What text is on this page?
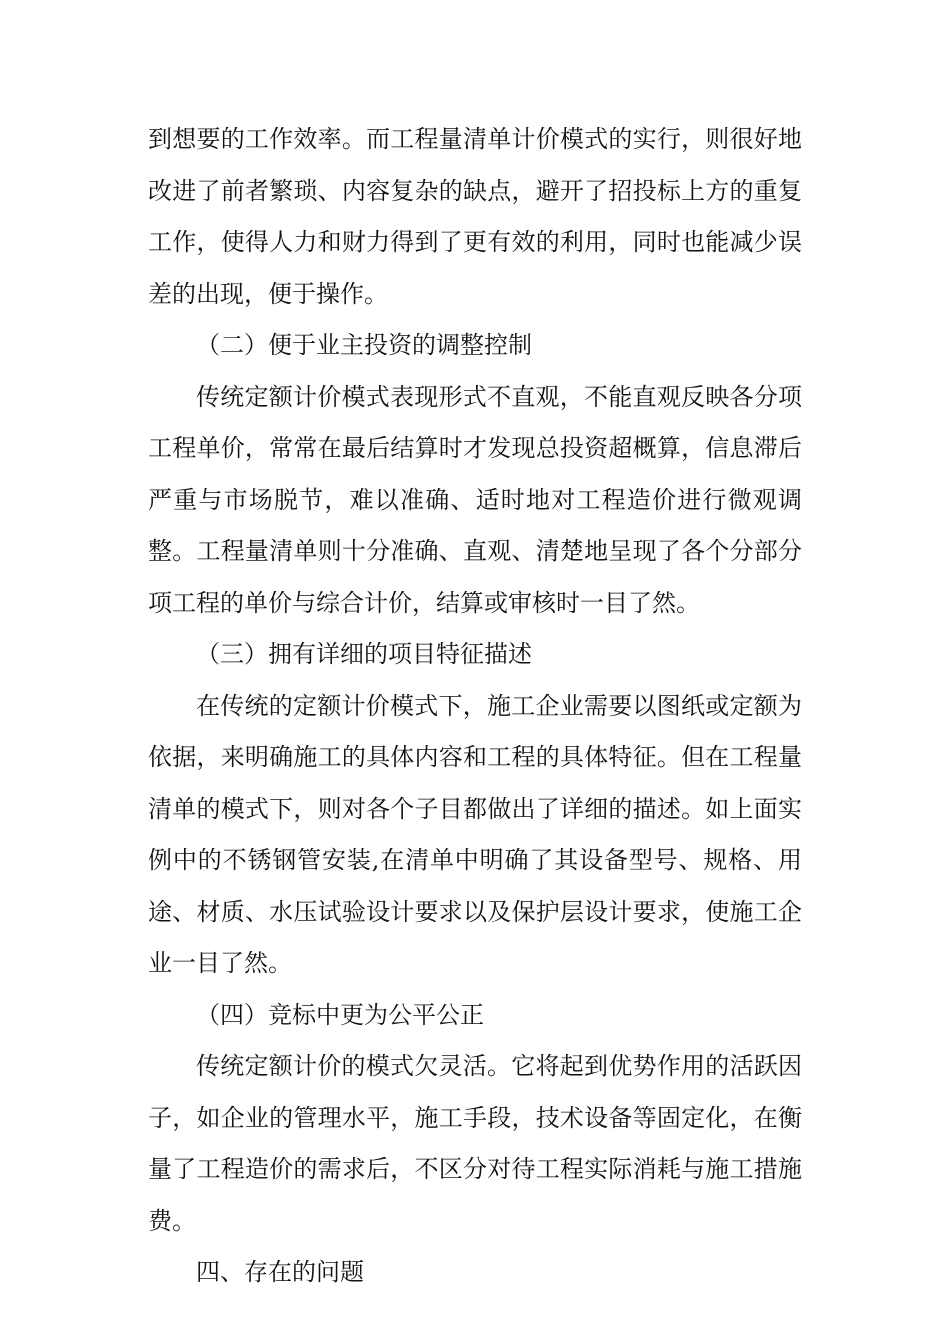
到想要的工作效率。而工程量清单计价模式的实行，则很好地改进了前者繁琐、内容复杂的缺点，避开了招投标上方的重复工作，使得人力和财力得到了更有效的利用，同时也能减少误差的出现，便于操作。

（二）便于业主投资的调整控制

传统定额计价模式表现形式不直观，不能直观反映各分项工程单价，常常在最后结算时才发现总投资超概算，信息滞后严重与市场脱节，难以准确、适时地对工程造价进行微观调整。工程量清单则十分准确、直观、清楚地呈现了各个分部分项工程的单价与综合计价，结算或审核时一目了然。

（三）拥有详细的项目特征描述

在传统的定额计价模式下，施工企业需要以图纸或定额为依据，来明确施工的具体内容和工程的具体特征。但在工程量清单的模式下，则对各个子目都做出了详细的描述。如上面实例中的不锈钢管安装,在清单中明确了其设备型号、规格、用途、材质、水压试验设计要求以及保护层设计要求，使施工企业一目了然。

（四）竞标中更为公平公正

传统定额计价的模式欠灵活。它将起到优势作用的活跃因子，如企业的管理水平，施工手段，技术设备等固定化，在衡量了工程造价的需求后，不区分对待工程实际消耗与施工措施费。

四、存在的问题
